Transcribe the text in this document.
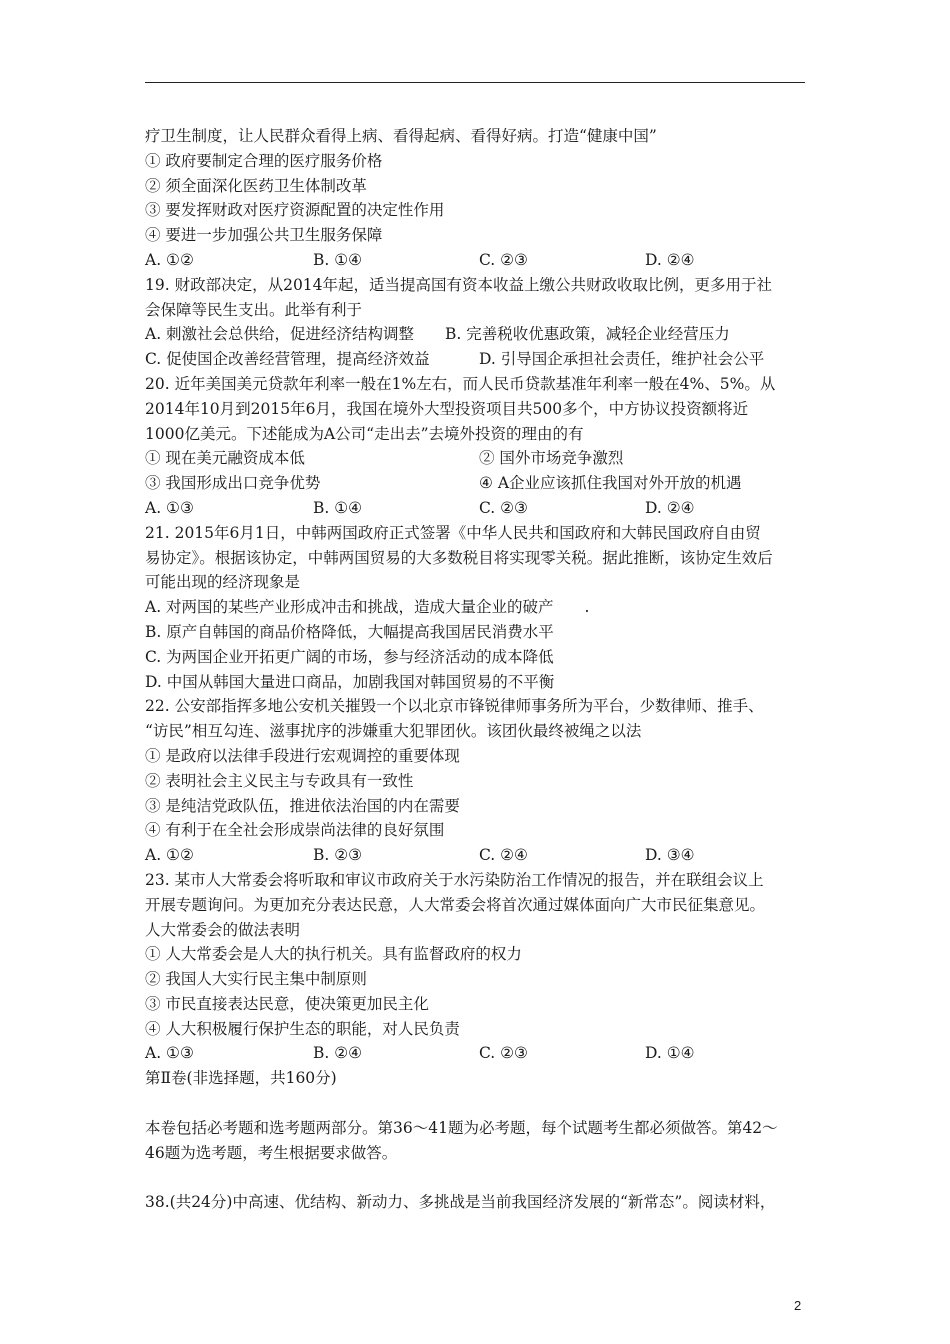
疗卫生制度，让人民群众看得上病、看得起病、看得好病。打造“健康中国”
① 政府要制定合理的医疗服务价格
② 须全面深化医药卫生体制改革
③ 要发挥财政对医疗资源配置的决定性作用
④ 要进一步加强公共卫生服务保障
A. ①②	B. ①④	C. ②③	D. ②④
19. 财政部决定，从2014年起，适当提高国有资本收益上缴公共财政收取比例，更多用于社
会保障等民生支出。此举有利于
A. 刺激社会总供给，促进经济结构调整 B. 完善税收优惠政策，减轻企业经营压力
C. 促使国企改善经营管理，提高经济效益	D. 引导国企承担社会责任，维护社会公平
20. 近年美国美元贷款年利率一般在1%左右，而人民币贷款基准年利率一般在4%、5%。从
2014年10月到2015年6月，我国在境外大型投资项目共500多个，中方协议投资额将近
1000亿美元。下述能成为A公司“走出去”去境外投资的理由的有
① 现在美元融资成本低	② 国外市场竞争激烈
③ 我国形成出口竞争优势	④ A企业应该抓住我国对外开放的机遇
A. ①③	B. ①④	C. ②③	D. ②④
21. 2015年6月1日，中韩两国政府正式签署《中华人民共和国政府和大韩民国政府自由贸
易协定》。根据该协定，中韩两国贸易的大多数税目将实现零关税。据此推断，该协定生效后
可能出现的经济现象是
A. 对两国的某些产业形成冲击和挑战，造成大量企业的破产　　.
B. 原产自韩国的商品价格降低，大幅提高我国居民消费水平
C. 为两国企业开拓更广阔的市场，参与经济活动的成本降低
D. 中国从韩国大量进口商品，加剧我国对韩国贸易的不平衡
22. 公安部指挥多地公安机关摧毁一个以北京市锋锐律师事务所为平台，少数律师、推手、
“访民”相互勾连、滋事扰序的涉嫌重大犯罪团伙。该团伙最终被绳之以法
① 是政府以法律手段进行宏观调控的重要体现
② 表明社会主义民主与专政具有一致性
③ 是纯洁党政队伍，推进依法治国的内在需要
④ 有利于在全社会形成崇尚法律的良好氛围
A. ①②	B. ②③	C. ②④	D. ③④
23. 某市人大常委会将听取和审议市政府关于水污染防治工作情况的报告，并在联组会议上
开展专题询问。为更加充分表达民意，人大常委会将首次通过媒体面向广大市民征集意见。
人大常委会的做法表明
① 人大常委会是人大的执行机关。具有监督政府的权力
② 我国人大实行民主集中制原则
③ 市民直接表达民意，使决策更加民主化
④ 人大积极履行保护生态的职能，对人民负责
A. ①③	B. ②④	C. ②③	D. ①④
第Ⅱ卷(非选择题，共160分)
本卷包括必考题和选考题两部分。第36～41题为必考题，每个试题考生都必须做答。第42～
46题为选考题，考生根据要求做答。
38.(共24分)中高速、优结构、新动力、多挑战是当前我国经济发展的“新常态”。阅读材料，
2
